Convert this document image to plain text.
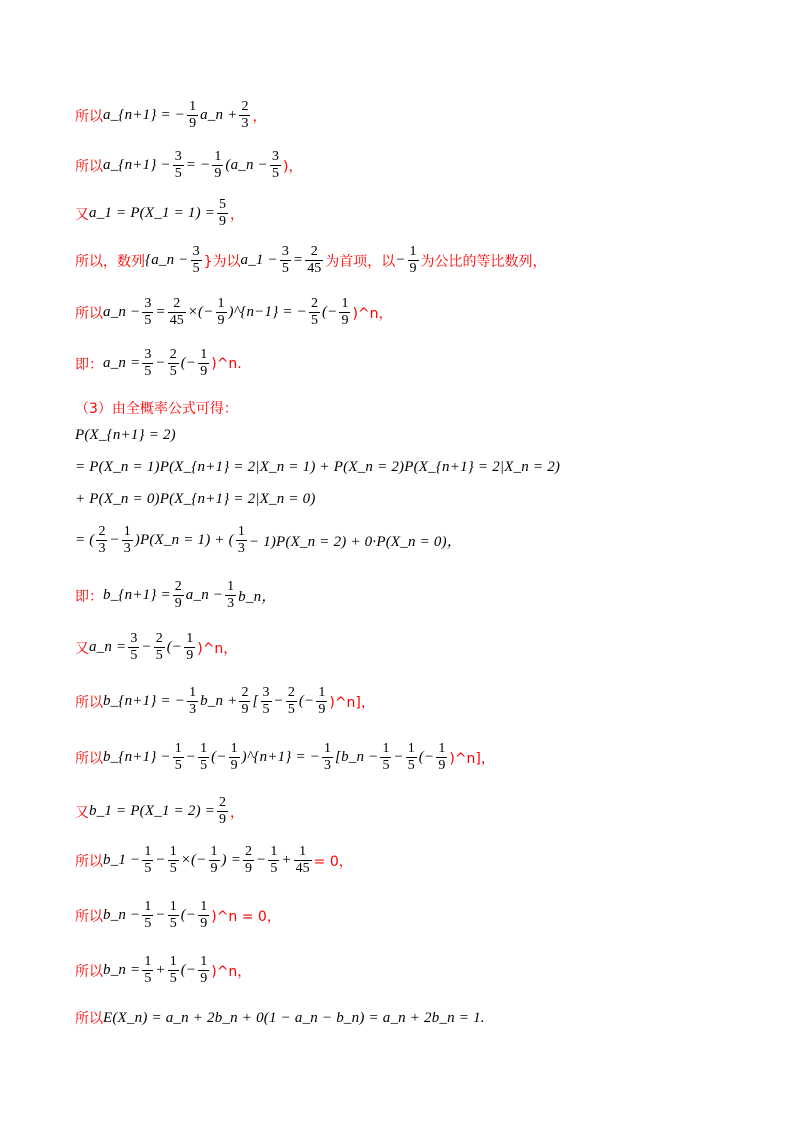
所以 a_{n+1} = − $\frac{1}{9}$ a_n + $\frac{2}{3}$ ，
所以 a_{n+1} − $\frac{3}{5}$ = − $\frac{1}{9}$ (a_n − $\frac{3}{5}$ )，
又 a_1 = P(X_1 = $1) = \frac{5}{9}$ ，
所以，数列 {a_n − $\frac{3}{5}$ }为以 a_1 − $\frac{3}{5} = \frac{2}{45}$ 为首项，以 − $\frac{1}{9}$ 为公比的等比数列，
所以 a_n − $\frac{3}{5} = \frac{2}{45}$ ×(− $\frac{1}{9}$ )^{n−1} = − $\frac{2}{5}$ (− $\frac{1}{9}$ )^n，
即： a_n = $\frac{3}{5} - \frac{2}{5}$ (− $\frac{1}{9}$ )^n.
（3）由全概率公式可得：
P(X_{n+1} = 2)
= P(X_n = 1)P(X_{n+1} = 2|X_n = 1) + P(X_n = 2)P(X_{n+1} = 2|X_n = 2)
+ P(X_n = 0)P(X_{n+1} = 2|X_n = 0)
= ( $\frac{2}{3} - \frac{1}{3}$ )P(X_n = 1) + ( $\frac{1}{3}$ − 1)P(X_n = 2) + 0·P(X_n = 0)，
即： b_{n+1} = $\frac{2}{9}$ a_n − $\frac{1}{3}$ b_n，
又 a_n = $\frac{3}{5} - \frac{2}{5}$ (− $\frac{1}{9}$ )^n，
所以 b_{n+1} = − $\frac{1}{3}$ b_n + $\frac{2}{9}$ [ $\frac{3}{5} - \frac{2}{5}$ (− $\frac{1}{9}$ )^n]，
所以 b_{n+1} − $\frac{1}{5} - \frac{1}{5}$ (− $\frac{1}{9}$ )^{n+1} = − $\frac{1}{3}$ [b_n − $\frac{1}{5} - \frac{1}{5}$ (− $\frac{1}{9}$ )^n]，
又 b_1 = P(X_1 = $2) = \frac{2}{9}$ ，
所以 b_1 − $\frac{1}{5} - \frac{1}{5}$ ×(− $\frac{1}{9}$ ) = $\frac{2}{9} - \frac{1}{5} + \frac{1}{45} = 0$，
所以 b_n − $\frac{1}{5} - \frac{1}{5}$ (− $\frac{1}{9}$ )^n = 0，
所以 b_n = $\frac{1}{5} + \frac{1}{5}$ (− $\frac{1}{9}$ )^n，
所以 E(X_n) = a_n + 2b_n + 0(1 − a_n − b_n) = a_n + 2b_n = 1.
